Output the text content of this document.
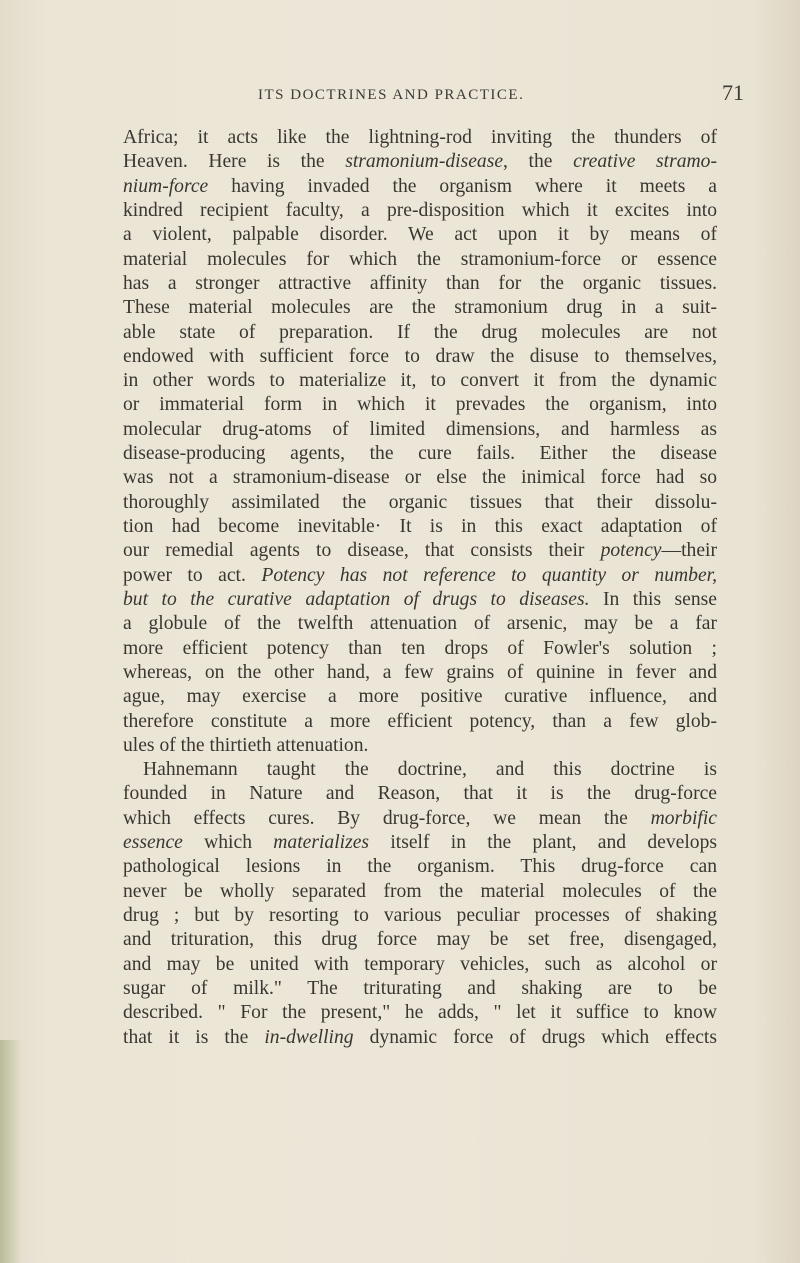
ITS DOCTRINES AND PRACTICE.	71
Africa; it acts like the lightning-rod inviting the thunders of
Heaven. Here is the stramonium-disease, the creative stramo-
nium-force having invaded the organism where it meets a
kindred recipient faculty, a pre-disposition which it excites into
a violent, palpable disorder. We act upon it by means of
material molecules for which the stramonium-force or essence
has a stronger attractive affinity than for the organic tissues.
These material molecules are the stramonium drug in a suit-
able state of preparation. If the drug molecules are not
endowed with sufficient force to draw the disuse to themselves,
in other words to materialize it, to convert it from the dynamic
or immaterial form in which it prevades the organism, into
molecular drug-atoms of limited dimensions, and harmless as
disease-producing agents, the cure fails. Either the disease
was not a stramonium-disease or else the inimical force had so
thoroughly assimilated the organic tissues that their dissolu-
tion had become inevitable· It is in this exact adaptation of
our remedial agents to disease, that consists their potency—their
power to act. Potency has not reference to quantity or number,
but to the curative adaptation of drugs to diseases. In this sense
a globule of the twelfth attenuation of arsenic, may be a far
more efficient potency than ten drops of Fowler's solution ;
whereas, on the other hand, a few grains of quinine in fever and
ague, may exercise a more positive curative influence, and
therefore constitute a more efficient potency, than a few glob-
ules of the thirtieth attenuation.
Hahnemann taught the doctrine, and this doctrine is
founded in Nature and Reason, that it is the drug-force
which effects cures. By drug-force, we mean the morbific
essence which materializes itself in the plant, and develops
pathological lesions in the organism. This drug-force can
never be wholly separated from the material molecules of the
drug ; but by resorting to various peculiar processes of shaking
and trituration, this drug force may be set free, disengaged,
and may be united with temporary vehicles, such as alcohol or
sugar of milk." The triturating and shaking are to be
described. " For the present," he adds, " let it suffice to know
that it is the in-dwelling dynamic force of drugs which effects
